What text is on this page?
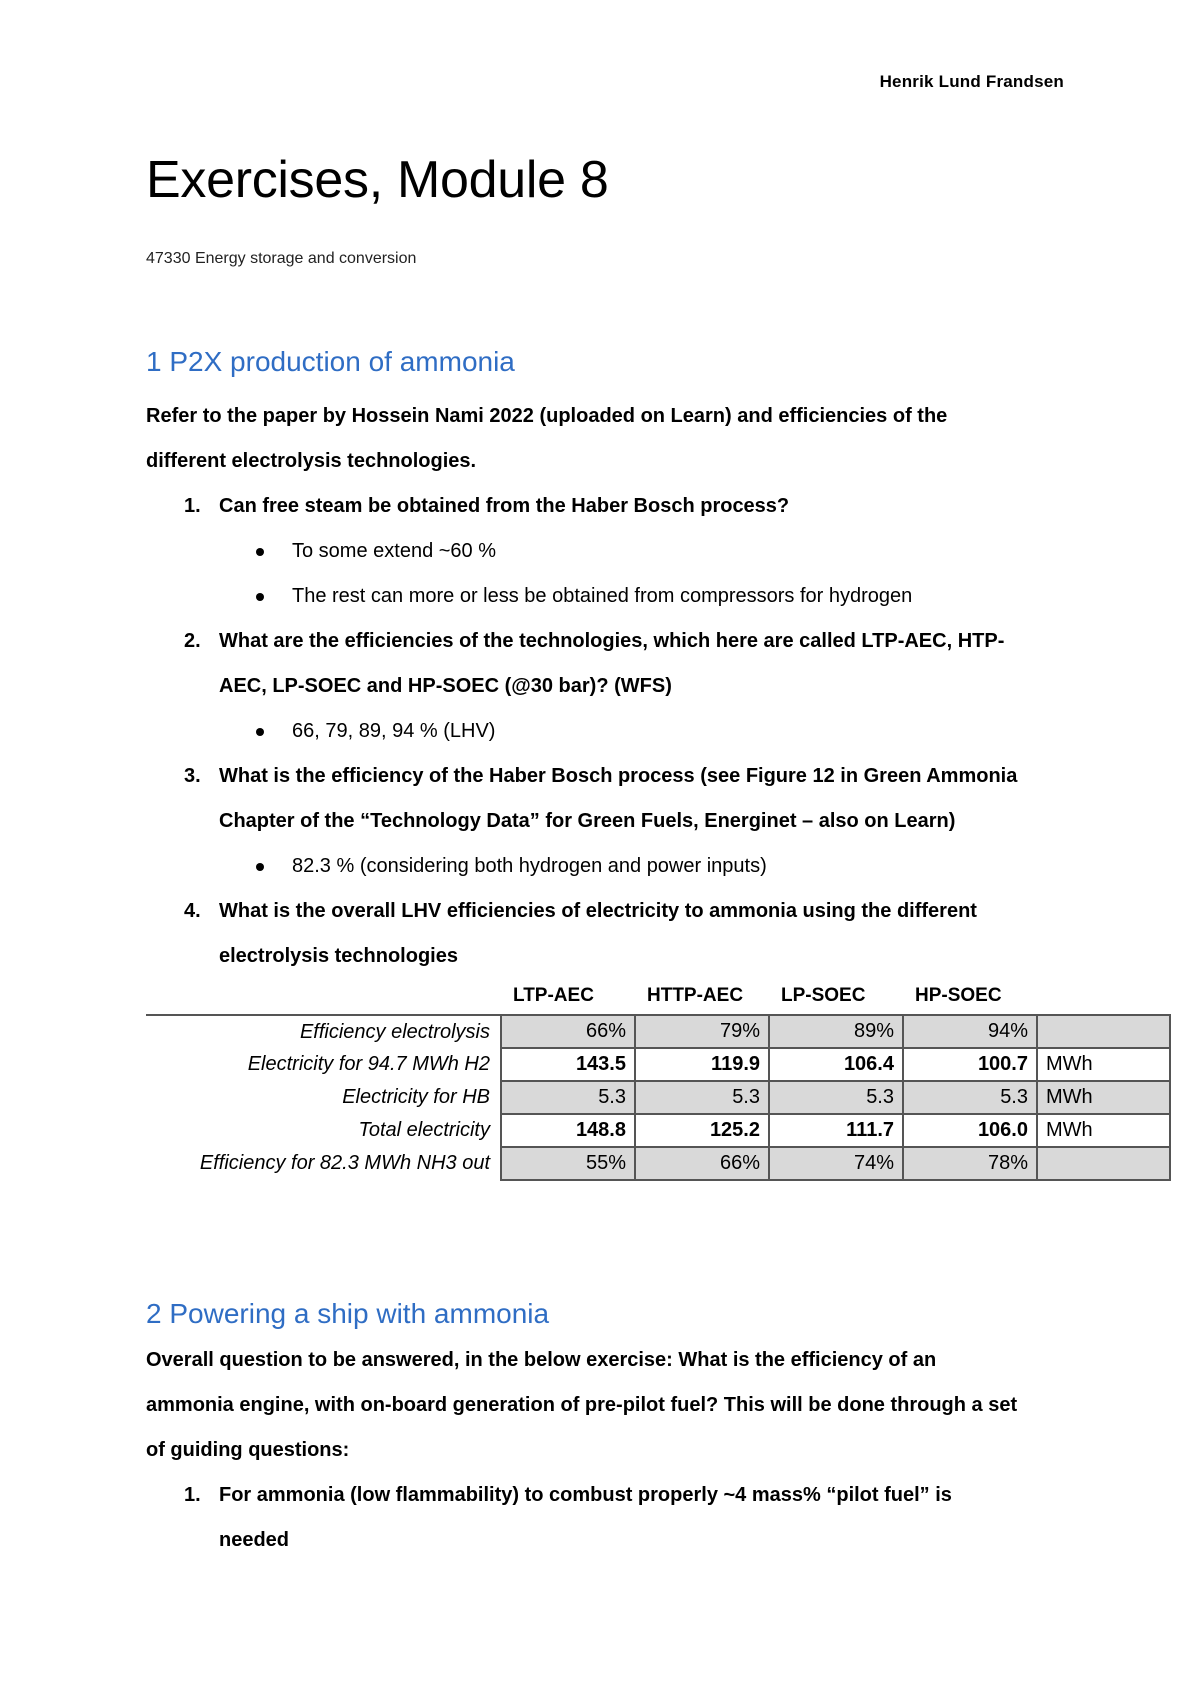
Henrik Lund Frandsen
Exercises, Module 8
47330 Energy storage and conversion
1 P2X production of ammonia

Refer to the paper by Hossein Nami 2022 (uploaded on Learn) and efficiencies of the

different electrolysis technologies.

1. Can free steam be obtained from the Haber Bosch process?
To some extend ~60 %
The rest can more or less be obtained from compressors for hydrogen
2. What are the efficiencies of the technologies, which here are called LTP-AEC, HTP-
AEC, LP-SOEC and HP-SOEC (@30 bar)? (WFS)
66, 79, 89, 94 % (LHV)
3. What is the efficiency of the Haber Bosch process (see Figure 12 in Green Ammonia
Chapter of the “Technology Data” for Green Fuels, Energinet – also on Learn)
82.3 % (considering both hydrogen and power inputs)
4. What is the overall LHV efficiencies of electricity to ammonia using the different
electrolysis technologies
	LTP-AEC	HTTP-AEC	LP-SOEC	HP-SOEC	
Efficiency electrolysis	66%	79%	89%	94%	
Electricity for 94.7 MWh H2	143.5	119.9	106.4	100.7	MWh
Electricity for HB	5.3	5.3	5.3	5.3	MWh
Total electricity	148.8	125.2	111.7	106.0	MWh
Efficiency for 82.3 MWh NH3 out	55%	66%	74%	78%	
2 Powering a ship with ammonia

Overall question to be answered, in the below exercise: What is the efficiency of an

ammonia engine, with on-board generation of pre-pilot fuel? This will be done through a set

of guiding questions:

1. For ammonia (low flammability) to combust properly ~4 mass% “pilot fuel” is
needed
